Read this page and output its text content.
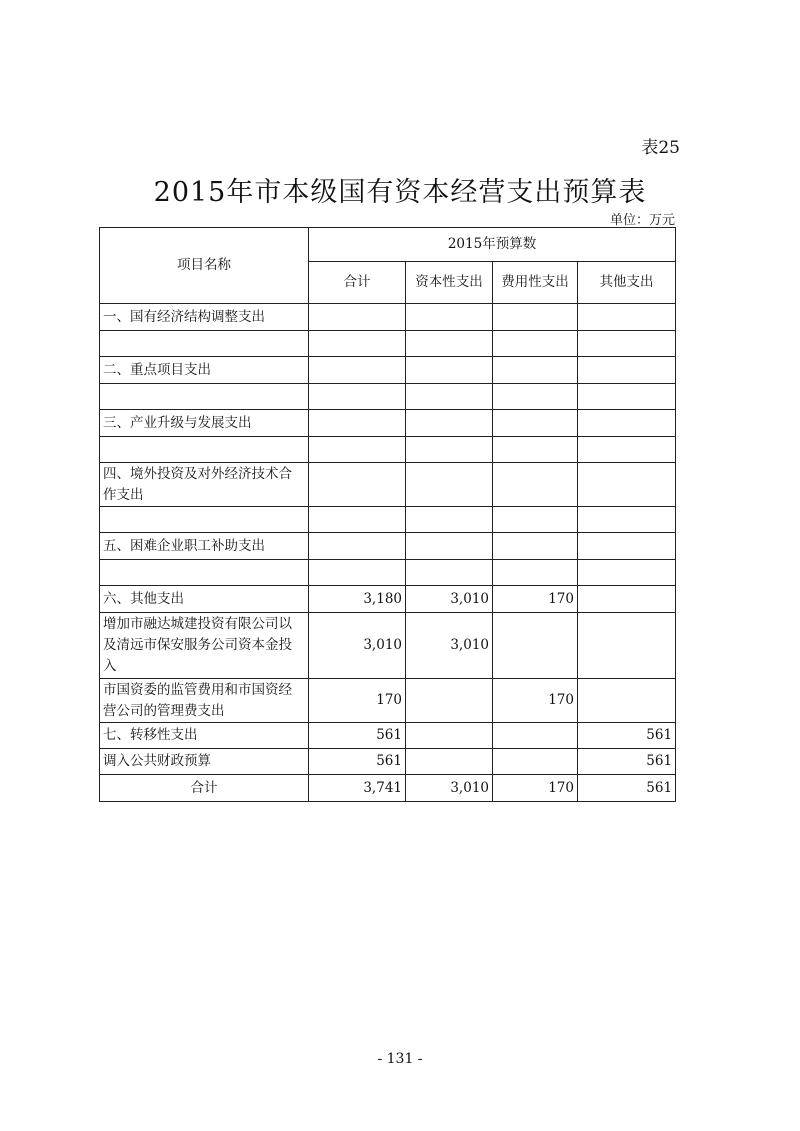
表25
2015年市本级国有资本经营支出预算表
单位：万元
项目名称	2015年预算数			
	合计	资本性支出	费用性支出	其他支出
一、国有经济结构调整支出				

二、重点项目支出				

三、产业升级与发展支出				

四、境外投资及对外经济技术合作支出				

五、困难企业职工补助支出				

六、其他支出	3,180	3,010	170	
增加市融达城建投资有限公司以及清远市保安服务公司资本金投入	3,010	3,010		
市国资委的监管费用和市国资经营公司的管理费支出	170		170	
七、转移性支出	561			561
调入公共财政预算	561			561
合计	3,741	3,010	170	561
- 131 -
